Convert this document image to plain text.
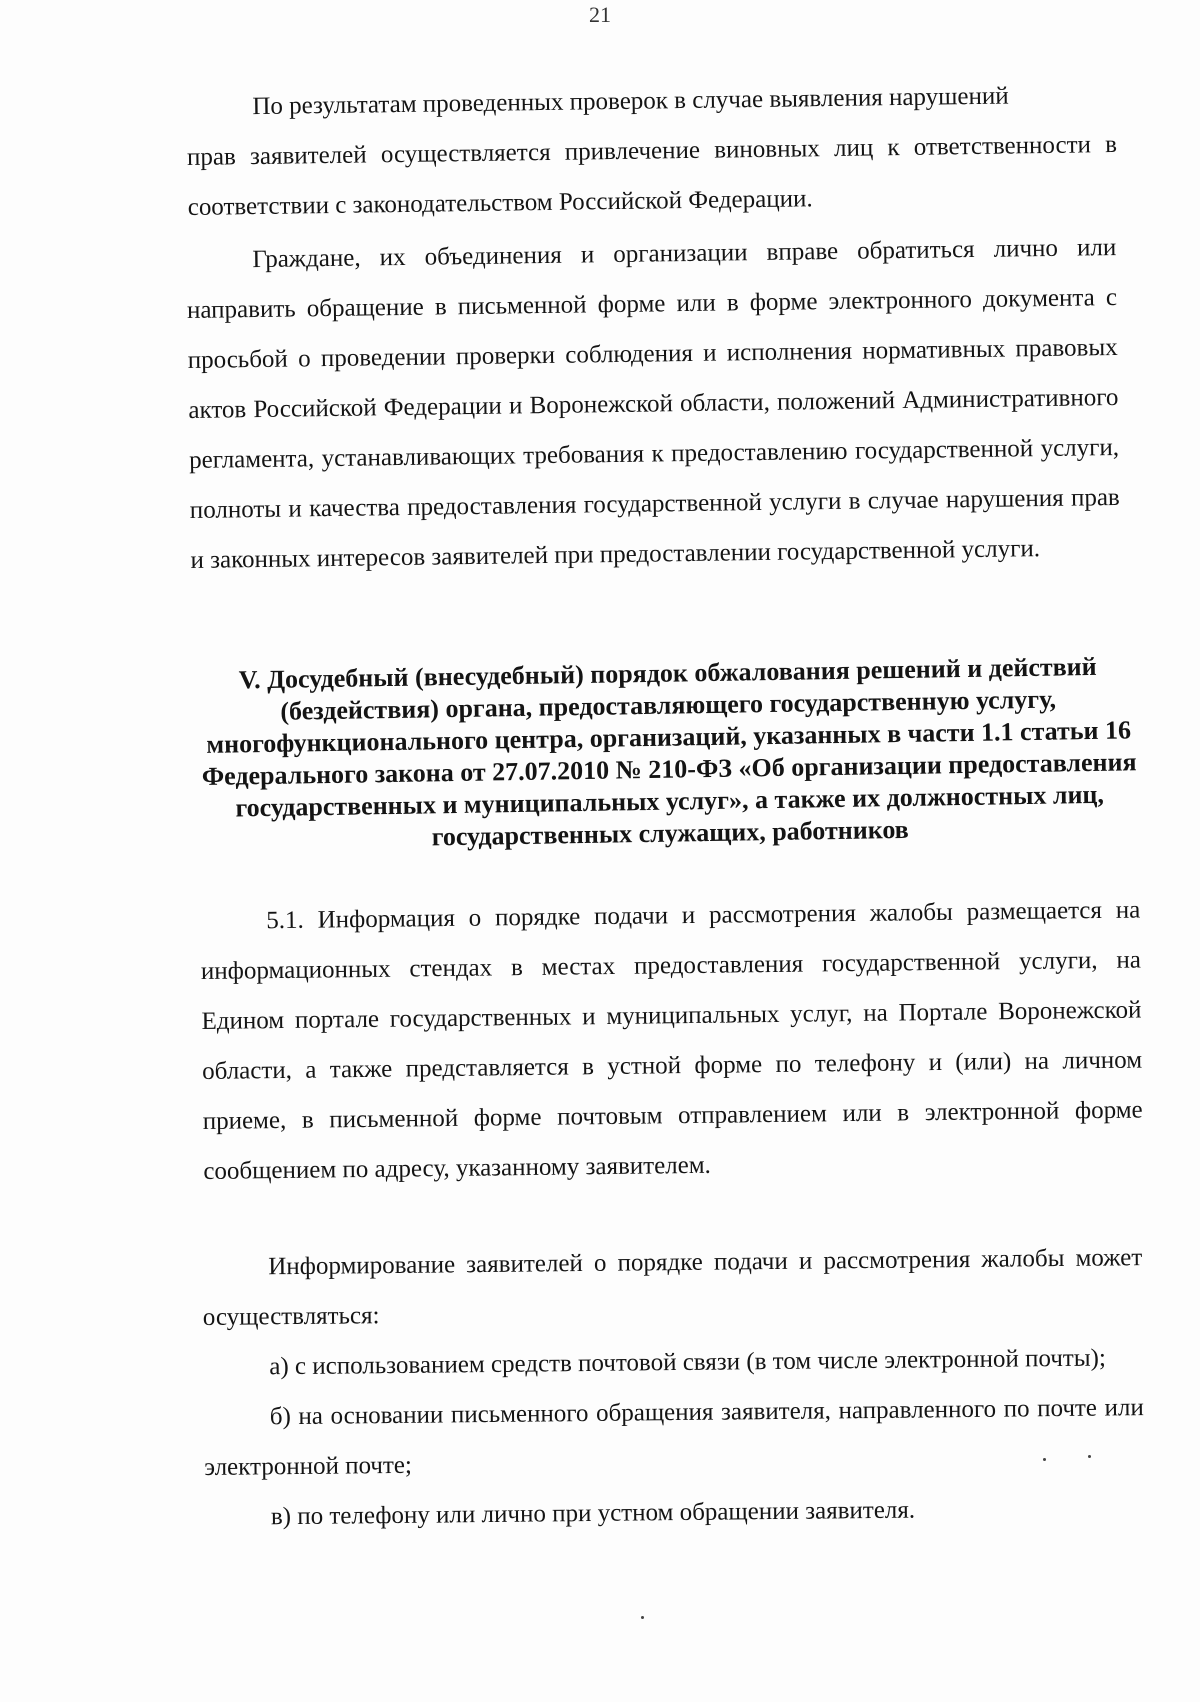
21

По результатам проведенных проверок в случае выявления нарушений

прав заявителей осуществляется привлечение виновных лиц к ответственности в соответствии с законодательством Российской Федерации.

Граждане, их объединения и организации вправе обратиться лично или направить обращение в письменной форме или в форме электронного документа с просьбой о проведении проверки соблюдения и исполнения нормативных правовых актов Российской Федерации и Воронежской области, положений Административного регламента, устанавливающих требования к предоставлению государственной услуги, полноты и качества предоставления государственной услуги в случае нарушения прав и законных интересов заявителей при предоставлении государственной услуги.

V. Досудебный (внесудебный) порядок обжалования решений и действий (бездействия) органа, предоставляющего государственную услугу, многофункционального центра, организаций, указанных в части 1.1 статьи 16 Федерального закона от 27.07.2010 № 210-ФЗ «Об организации предоставления государственных и муниципальных услуг», а также их должностных лиц, государственных служащих, работников

5.1. Информация о порядке подачи и рассмотрения жалобы размещается на информационных стендах в местах предоставления государственной услуги, на Едином портале государственных и муниципальных услуг, на Портале Воронежской области, а также представляется в устной форме по телефону и (или) на личном приеме, в письменной форме почтовым отправлением или в электронной форме сообщением по адресу, указанному заявителем.

Информирование заявителей о порядке подачи и рассмотрения жалобы может осуществляться:

а) с использованием средств почтовой связи (в том числе электронной почты);

б) на основании письменного обращения заявителя, направленного по почте или электронной почте;

в) по телефону или лично при устном обращении заявителя.
